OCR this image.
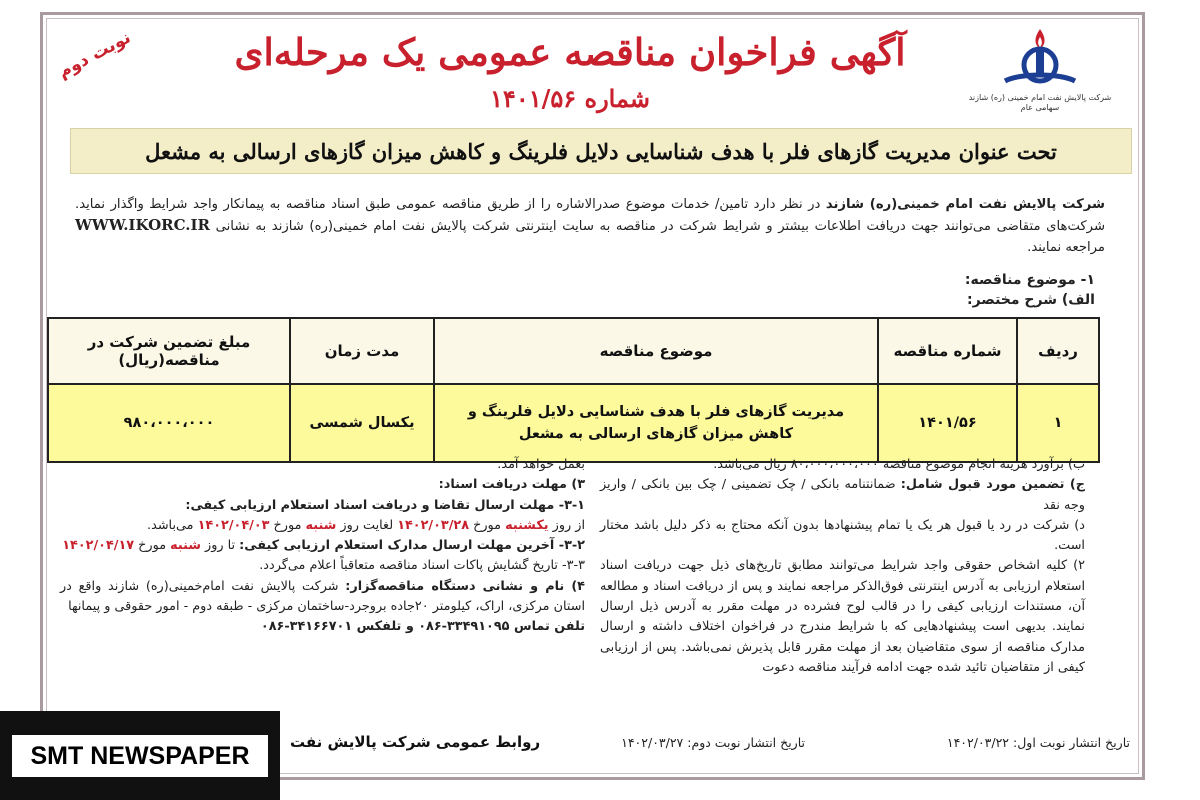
نوبت دوم	آگهی فراخوان مناقصه عمومی یک مرحله‌ای
شماره ۱۴۰۱/۵۶	شرکت پالایش نفت امام خمینی (ره) شازند سهامی عام
تحت عنوان مدیریت گازهای فلر با هدف شناسایی دلایل فلرینگ و کاهش میزان گازهای ارسالی به مشعل
شرکت پالایش نفت امام خمینی(ره) شازند در نظر دارد تامین/ خدمات موضوع صدرالاشاره را از طریق مناقصه عمومی طبق اسناد مناقصه به پیمانکار واجد شرایط واگذار نماید. شرکت‌های متقاضی می‌توانند جهت دریافت اطلاعات بیشتر و شرایط شرکت در مناقصه به سایت اینترنتی شرکت پالایش نفت امام خمینی(ره) شازند به نشانی WWW.IKORC.IR مراجعه نمایند.
۱- موضوع مناقصه:
الف) شرح مختصر:
ردیف	شماره مناقصه	موضوع مناقصه	مدت زمان	مبلغ تضمین شرکت در مناقصه(ریال)
۱	۱۴۰۱/۵۶	مدیریت گازهای فلر با هدف شناسایی دلایل فلرینگ و کاهش میزان گازهای ارسالی به مشعل	یکسال شمسی	۹۸۰،۰۰۰،۰۰۰
ب) برآورد هزینه انجام موضوع مناقصه ۸۰،۰۰۰،۰۰۰،۰۰۰ ریال می‌باشد.
ج) تضمین مورد قبول شامل: ضمانتنامه بانکی / چک تضمینی / چک بین بانکی / واریز وجه نقد
د) شرکت در رد یا قبول هر یک یا تمام پیشنهادها بدون آنکه محتاج به ذکر دلیل باشد مختار است.
۲) کلیه اشخاص حقوقی واجد شرایط می‌توانند مطابق تاریخ‌های ذیل جهت دریافت اسناد استعلام ارزیابی به آدرس اینترنتی فوق‌الذکر مراجعه نمایند و پس از دریافت اسناد و مطالعه آن، مستندات ارزیابی کیفی را در قالب لوح فشرده در مهلت مقرر به آدرس ذیل ارسال نمایند. بدیهی است پیشنهادهایی که با شرایط مندرج در فراخوان اختلاف داشته و ارسال مدارک مناقصه از سوی متقاضیان بعد از مهلت مقرر قابل پذیرش نمی‌باشد. پس از ارزیابی کیفی از متقاضیان تائید شده جهت ادامه فرآیند مناقصه دعوت
بعمل خواهد آمد.
۳) مهلت دریافت اسناد:
۳-۱- مهلت ارسال تقاضا و دریافت اسناد استعلام ارزیابی کیفی:
از روز یکشنبه مورخ ۱۴۰۲/۰۳/۲۸ لغایت روز شنبه مورخ ۱۴۰۲/۰۴/۰۳ می‌باشد.
۳-۲- آخرین مهلت ارسال مدارک استعلام ارزیابی کیفی: تا روز شنبه مورخ ۱۴۰۲/۰۴/۱۷
۳-۳- تاریخ گشایش پاکات اسناد مناقصه متعاقباً اعلام می‌گردد.
۴) نام و نشانی دستگاه مناقصه‌گزار: شرکت پالایش نفت امام‌خمینی(ره) شازند واقع در استان مرکزی، اراک، کیلومتر ۲۰جاده بروجرد-ساختمان مرکزی - طبقه دوم - امور حقوقی و پیمانها
تلفن تماس ۳۳۴۹۱۰۹۵-۰۸۶ و تلفکس ۳۴۱۶۶۷۰۱-۰۸۶
تاریخ انتشار نوبت اول: ۱۴۰۲/۰۳/۲۲
تاریخ انتشار نوبت دوم: ۱۴۰۲/۰۳/۲۷
روابط عمومی شرکت پالایش نفت
SMT NEWSPAPER
